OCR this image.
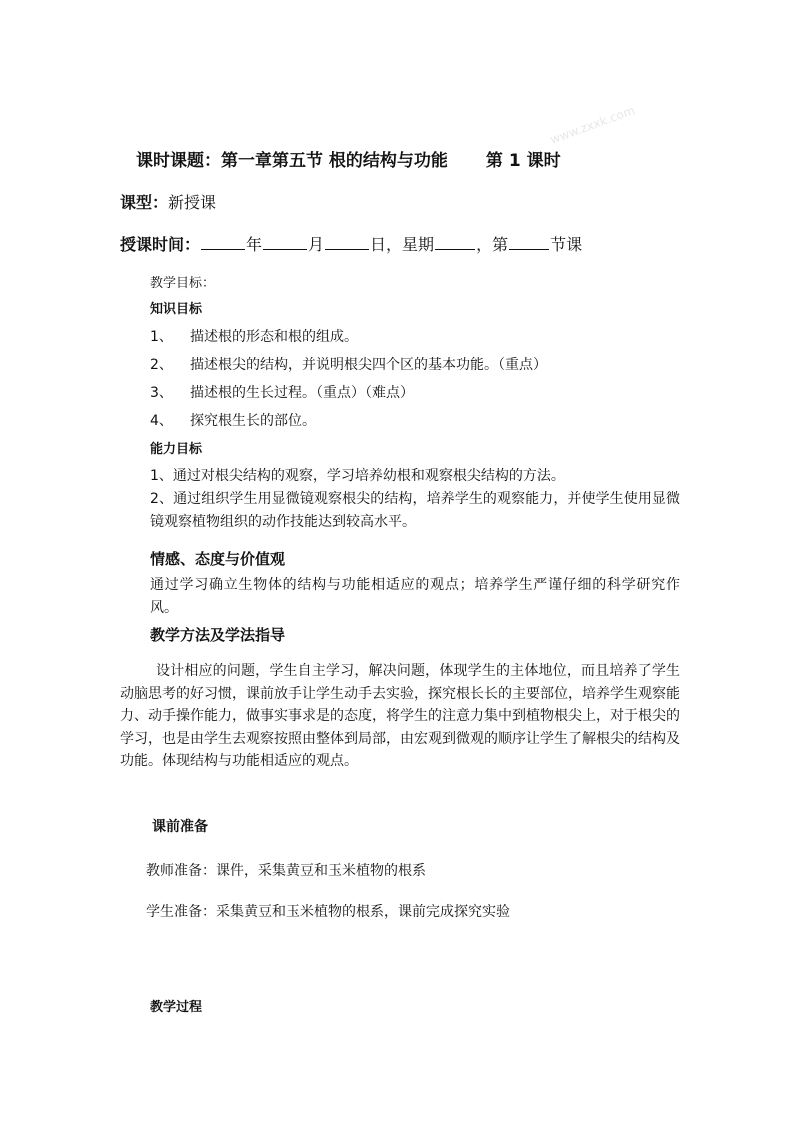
www.zxxk.com
课时课题：第一章第五节 根的结构与功能 第 1 课时
课型：新授课
授课时间：	年	月	日，星期	，第	节课
教学目标：
知识目标
1、 描述根的形态和根的组成。
2、 描述根尖的结构，并说明根尖四个区的基本功能。（重点）
3、 描述根的生长过程。（重点）（难点）
4、 探究根生长的部位。
能力目标
1、通过对根尖结构的观察，学习培养幼根和观察根尖结构的方法。
2、通过组织学生用显微镜观察根尖的结构，培养学生的观察能力，并使学生使用显微镜观察植物组织的动作技能达到较高水平。
情感、态度与价值观
通过学习确立生物体的结构与功能相适应的观点；培养学生严谨仔细的科学研究作风。
教学方法及学法指导
设计相应的问题，学生自主学习，解决问题，体现学生的主体地位，而且培养了学生动脑思考的好习惯，课前放手让学生动手去实验，探究根长长的主要部位，培养学生观察能力、动手操作能力，做事实事求是的态度，将学生的注意力集中到植物根尖上，对于根尖的学习，也是由学生去观察按照由整体到局部，由宏观到微观的顺序让学生了解根尖的结构及功能。体现结构与功能相适应的观点。
课前准备
教师准备：课件，采集黄豆和玉米植物的根系
学生准备：采集黄豆和玉米植物的根系，课前完成探究实验
教学过程
